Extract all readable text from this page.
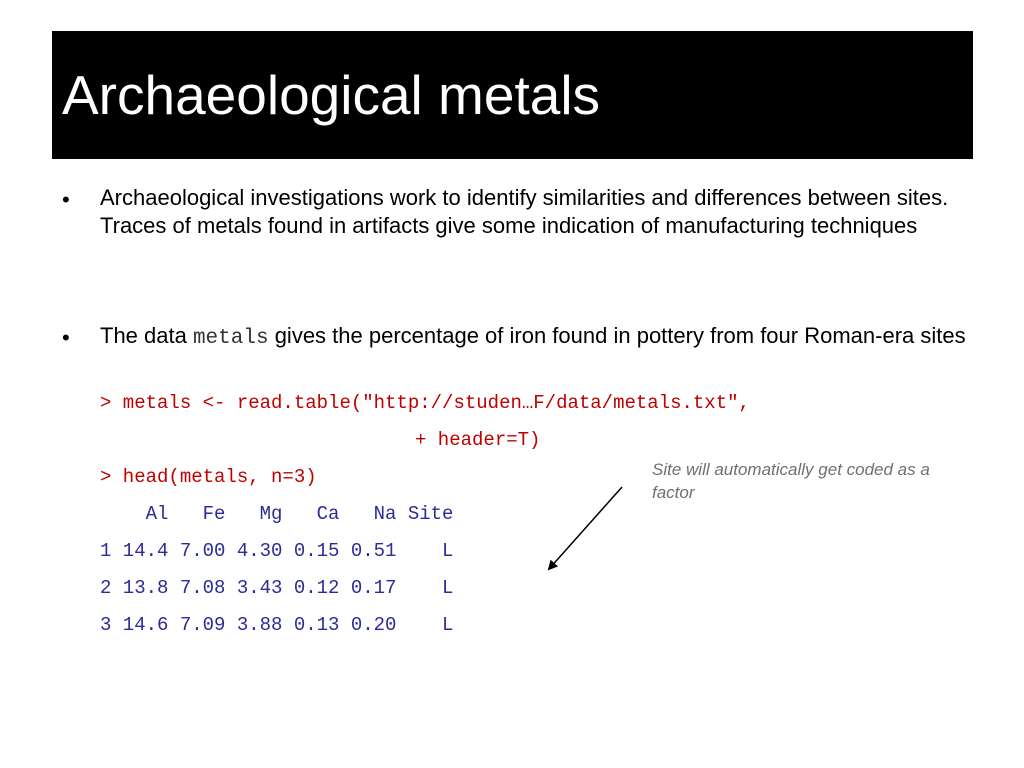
Archaeological metals
• Archaeological investigations work to identify similarities and differences between sites. Traces of metals found in artifacts give some indication of manufacturing techniques
• The data metals gives the percentage of iron found in pottery from four Roman-era sites
> metals <- read.table("http://studen…F/data/metals.txt",
+ header=T)
> head(metals, n=3)
Al   Fe   Mg   Ca   Na Site
1 14.4 7.00 4.30 0.15 0.51    L
2 13.8 7.08 3.43 0.12 0.17    L
3 14.6 7.09 3.88 0.13 0.20    L
Site will automatically get coded as a factor
